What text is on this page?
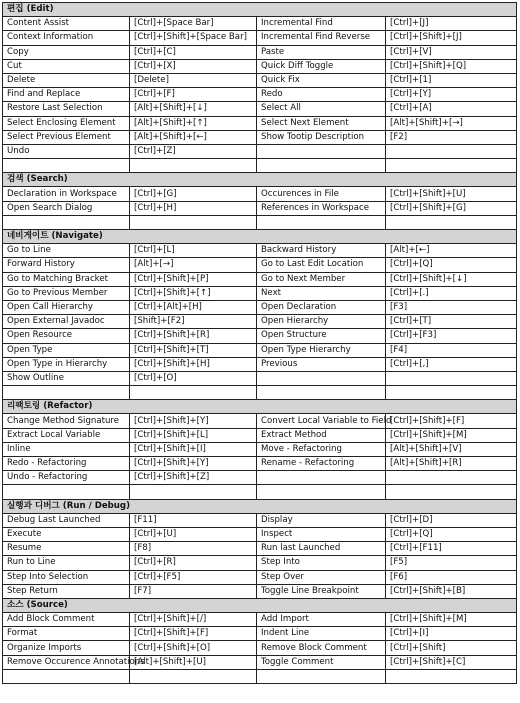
편집 (Edit)			
Content Assist	[Ctrl]+[Space Bar]	Incremental Find	[Ctrl]+[J]
Context Information	[Ctrl]+[Shift]+[Space Bar]	Incremental Find Reverse	[Ctrl]+[Shift]+[J]
Copy	[Ctrl]+[C]	Paste	[Ctrl]+[V]
Cut	[Ctrl]+[X]	Quick Diff Toggle	[Ctrl]+[Shift]+[Q]
Delete	[Delete]	Quick Fix	[Ctrl]+[1]
Find and Replace	[Ctrl]+[F]	Redo	[Ctrl]+[Y]
Restore Last Selection	[Alt]+[Shift]+[↓]	Select All	[Ctrl]+[A]
Select Enclosing Element	[Alt]+[Shift]+[↑]	Select Next Element	[Alt]+[Shift]+[→]
Select Previous Element	[Alt]+[Shift]+[←]	Show Tootip Description	[F2]
Undo	[Ctrl]+[Z]		

검색 (Search)			
Declaration in Workspace	[Ctrl]+[G]	Occurences in File	[Ctrl]+[Shift]+[U]
Open Search Dialog	[Ctrl]+[H]	References in Workspace	[Ctrl]+[Shift]+[G]

네비게이트 (Navigate)			
Go to Line	[Ctrl]+[L]	Backward History	[Alt]+[←]
Forward History	[Alt]+[→]	Go to Last Edit Location	[Ctrl]+[Q]
Go to Matching Bracket	[Ctrl]+[Shift]+[P]	Go to Next Member	[Ctrl]+[Shift]+[↓]
Go to Previous Member	[Ctrl]+[Shift]+[↑]	Next	[Ctrl]+[.]
Open Call Hierarchy	[Ctrl]+[Alt]+[H]	Open Declaration	[F3]
Open External Javadoc	[Shift]+[F2]	Open Hierarchy	[Ctrl]+[T]
Open Resource	[Ctrl]+[Shift]+[R]	Open Structure	[Ctrl]+[F3]
Open Type	[Ctrl]+[Shift]+[T]	Open Type Hierarchy	[F4]
Open Type in Hierarchy	[Ctrl]+[Shift]+[H]	Previous	[Ctrl]+[,]
Show Outline	[Ctrl]+[O]		

리팩토링 (Refactor)			
Change Method Signature	[Ctrl]+[Shift]+[Y]	Convert Local Variable to Field	[Ctrl]+[Shift]+[F]
Extract Local Variable	[Ctrl]+[Shift]+[L]	Extract Method	[Ctrl]+[Shift]+[M]
Inline	[Ctrl]+[Shift]+[I]	Move - Refactoring	[Alt]+[Shift]+[V]
Redo - Refactoring	[Ctrl]+[Shift]+[Y]	Rename - Refactoring	[Alt]+[Shift]+[R]
Undo - Refactoring	[Ctrl]+[Shift]+[Z]		

실행과 디버그 (Run / Debug)			
Debug Last Launched	[F11]	Display	[Ctrl]+[D]
Execute	[Ctrl]+[U]	Inspect	[Ctrl]+[Q]
Resume	[F8]	Run last Launched	[Ctrl]+[F11]
Run to Line	[Ctrl]+[R]	Step Into	[F5]
Step Into Selection	[Ctrl]+[F5]	Step Over	[F6]
Step Return	[F7]	Toggle Line Breakpoint	[Ctrl]+[Shift]+[B]
소스 (Source)			
Add Block Comment	[Ctrl]+[Shift]+[/]	Add Import	[Ctrl]+[Shift]+[M]
Format	[Ctrl]+[Shift]+[F]	Indent Line	[Ctrl]+[I]
Organize Imports	[Ctrl]+[Shift]+[O]	Remove Block Comment	[Ctrl]+[Shift]
Remove Occurence Annotations	[Alt]+[Shift]+[U]	Toggle Comment	[Ctrl]+[Shift]+[C]
